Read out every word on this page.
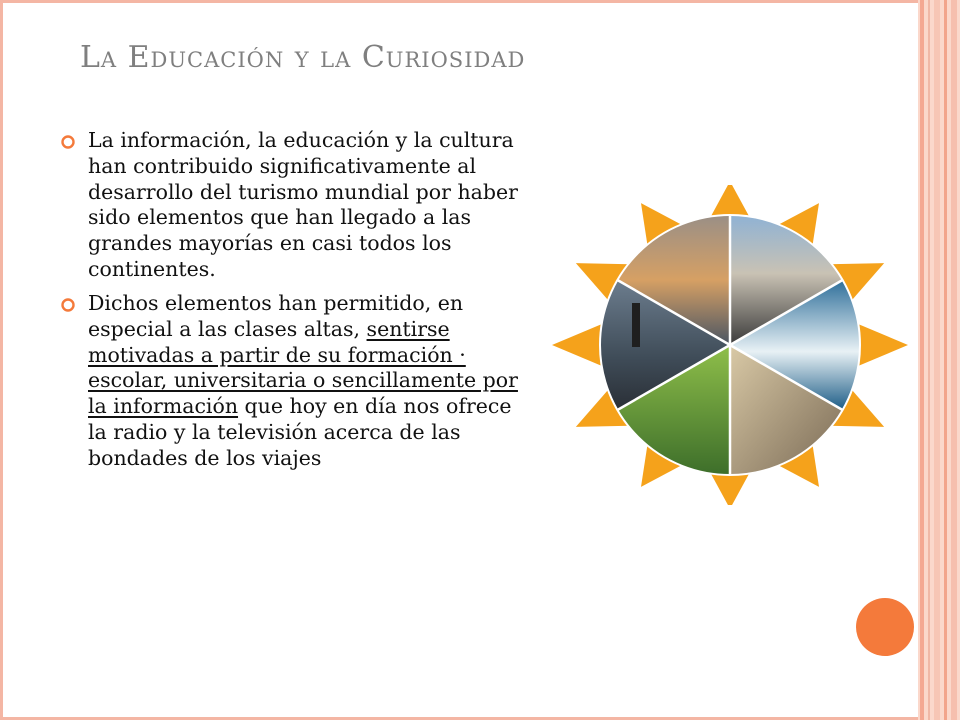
La Educación y la Curiosidad

La información, la educación y la cultura han contribuido significativamente al desarrollo del turismo mundial por haber sido elementos que han llegado a las grandes mayorías en casi todos los continentes.

Dichos elementos han permitido, en especial a las clases altas, sentirse motivadas a partir de su formación · escolar, universitaria o sencillamente por la información que hoy en día nos ofrece la radio y la televisión acerca de las bondades de los viajes
